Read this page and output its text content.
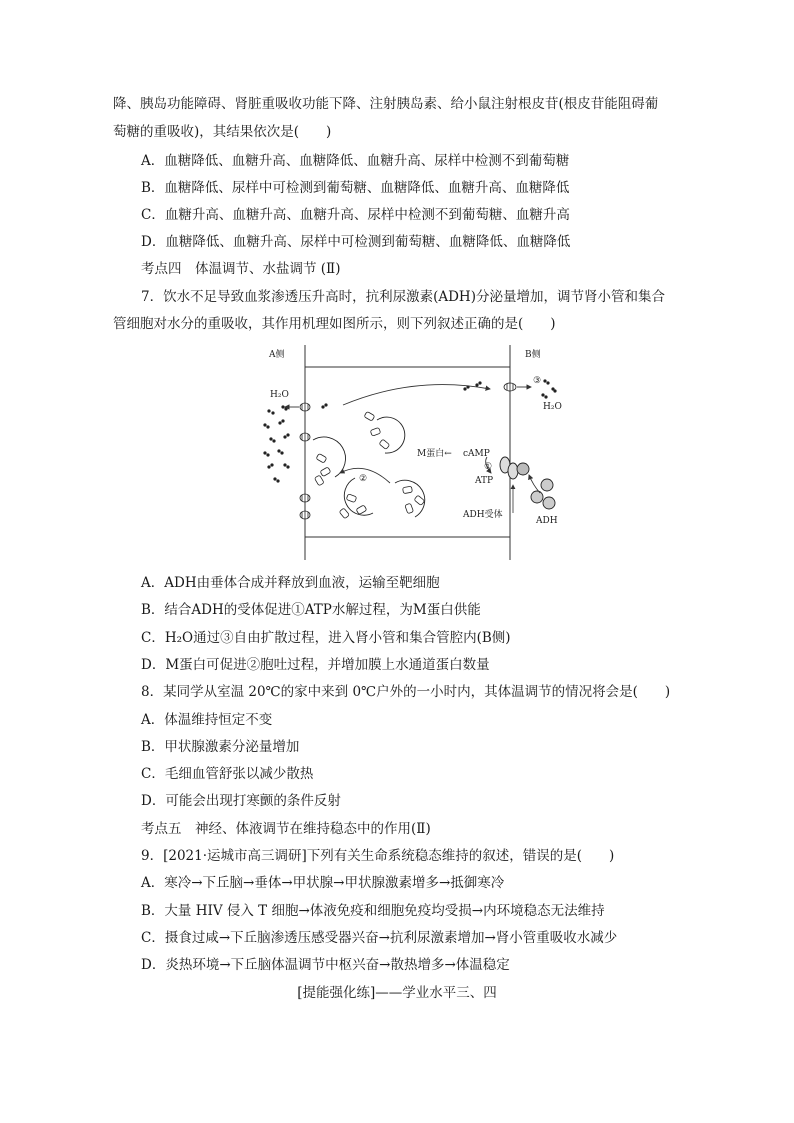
降、胰岛功能障碍、肾脏重吸收功能下降、注射胰岛素、给小鼠注射根皮苷(根皮苷能阻碍葡
萄糖的重吸收)，其结果依次是(　　)
A．血糖降低、血糖升高、血糖降低、血糖升高、尿样中检测不到葡萄糖
B．血糖降低、尿样中可检测到葡萄糖、血糖降低、血糖升高、血糖降低
C．血糖升高、血糖升高、血糖升高、尿样中检测不到葡萄糖、血糖升高
D．血糖降低、血糖升高、尿样中可检测到葡萄糖、血糖降低、血糖降低
考点四　体温调节、水盐调节 (Ⅱ)
7．饮水不足导致血浆渗透压升高时，抗利尿激素(ADH)分泌量增加，调节肾小管和集合
管细胞对水分的重吸收，其作用机理如图所示，则下列叙述正确的是(　　)
A侧	B侧
H₂O
H₂O
③
②
M蛋白← cAMP
①
ATP
ADH受体
ADH
A．ADH由垂体合成并释放到血液，运输至靶细胞
B．结合ADH的受体促进①ATP水解过程，为M蛋白供能
C．H₂O通过③自由扩散过程，进入肾小管和集合管腔内(B侧)
D．M蛋白可促进②胞吐过程，并增加膜上水通道蛋白数量
8．某同学从室温 20℃的家中来到 0℃户外的一小时内，其体温调节的情况将会是(　　)
A．体温维持恒定不变
B．甲状腺激素分泌量增加
C．毛细血管舒张以减少散热
D．可能会出现打寒颤的条件反射
考点五　神经、体液调节在维持稳态中的作用(Ⅱ)
9．[2021·运城市高三调研]下列有关生命系统稳态维持的叙述，错误的是(　　)
A．寒冷→下丘脑→垂体→甲状腺→甲状腺激素增多→抵御寒冷
B．大量 HIV 侵入 T 细胞→体液免疫和细胞免疫均受损→内环境稳态无法维持
C．摄食过咸→下丘脑渗透压感受器兴奋→抗利尿激素增加→肾小管重吸收水减少
D．炎热环境→下丘脑体温调节中枢兴奋→散热增多→体温稳定
[提能强化练]——学业水平三、四
